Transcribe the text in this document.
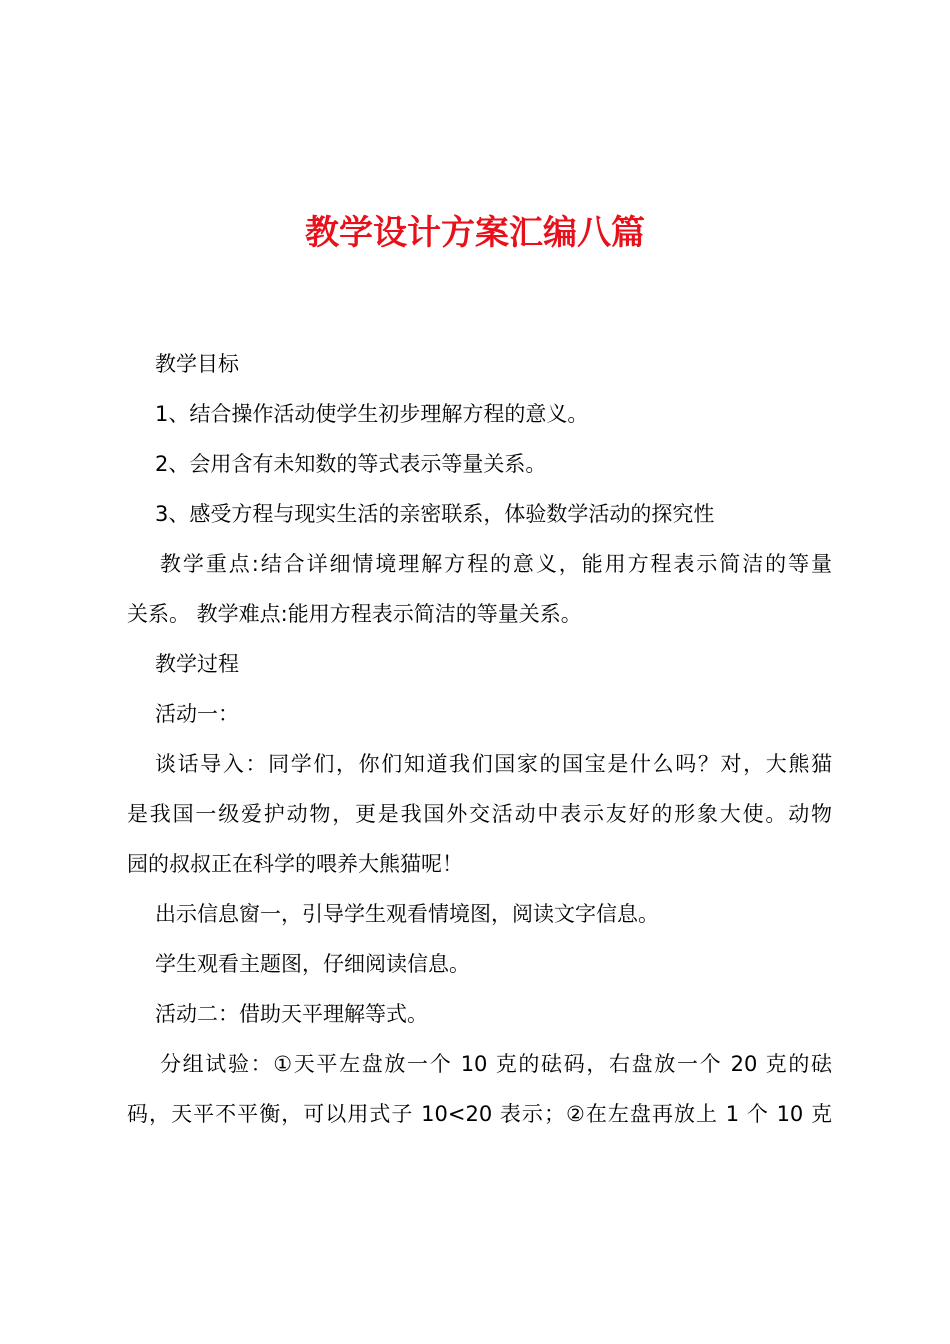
教学设计方案汇编八篇

教学目标

1、结合操作活动使学生初步理解方程的意义。

2、会用含有未知数的等式表示等量关系。

3、感受方程与现实生活的亲密联系，体验数学活动的探究性

教学重点:结合详细情境理解方程的意义，能用方程表示简洁的等量

关系。 教学难点:能用方程表示简洁的等量关系。

教学过程

活动一：

谈话导入：同学们，你们知道我们国家的国宝是什么吗？对，大熊猫

是我国一级爱护动物，更是我国外交活动中表示友好的形象大使。动物

园的叔叔正在科学的喂养大熊猫呢！

出示信息窗一，引导学生观看情境图，阅读文字信息。

学生观看主题图，仔细阅读信息。

活动二：借助天平理解等式。

分组试验：①天平左盘放一个 10 克的砝码，右盘放一个 20 克的砝

码，天平不平衡，可以用式子 10<20 表示；②在左盘再放上 1 个 10 克
